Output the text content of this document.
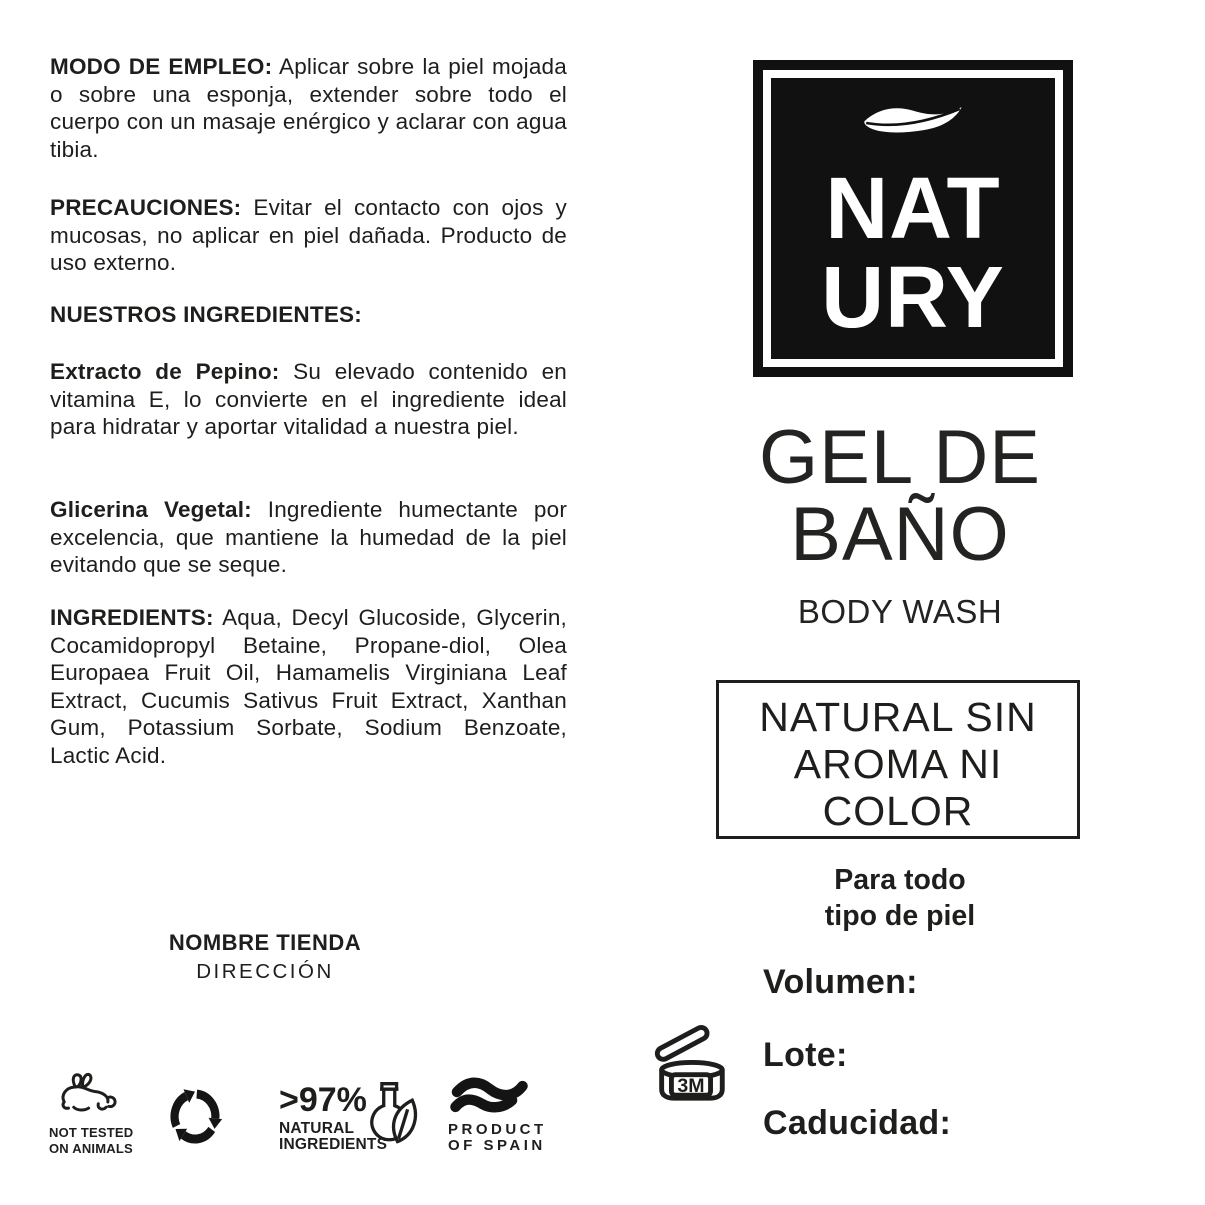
MODO DE EMPLEO: Aplicar sobre la piel mojada o sobre una esponja, extender sobre todo el cuerpo con un masaje enérgico y aclarar con agua tibia.

PRECAUCIONES: Evitar el contacto con ojos y mucosas, no aplicar en piel dañada. Producto de uso externo.

NUESTROS INGREDIENTES:

Extracto de Pepino: Su elevado contenido en vitamina E, lo convierte en el ingrediente ideal para hidratar y aportar vitalidad a nuestra piel.

Glicerina Vegetal: Ingrediente humectante por excelencia, que mantiene la humedad de la piel evitando que se seque.

INGREDIENTS: Aqua, Decyl Glucoside, Glycerin, Cocamidopropyl Betaine, Propane-diol, Olea Europaea Fruit Oil, Hamamelis Virginiana Leaf Extract, Cucumis Sativus Fruit Extract, Xanthan Gum, Potassium Sorbate, Sodium Benzoate, Lactic Acid.

NOMBRE TIENDA
DIRECCIÓN
NOT TESTED
ON ANIMALS
>97%
NATURAL
INGREDIENTS
PRODUCT
OF SPAIN
NAT
URY
GEL DE
BAÑO
BODY WASH
NATURAL SIN
AROMA NI
COLOR
Para todo
tipo de piel
Volumen:
Lote:
Caducidad:
3M
